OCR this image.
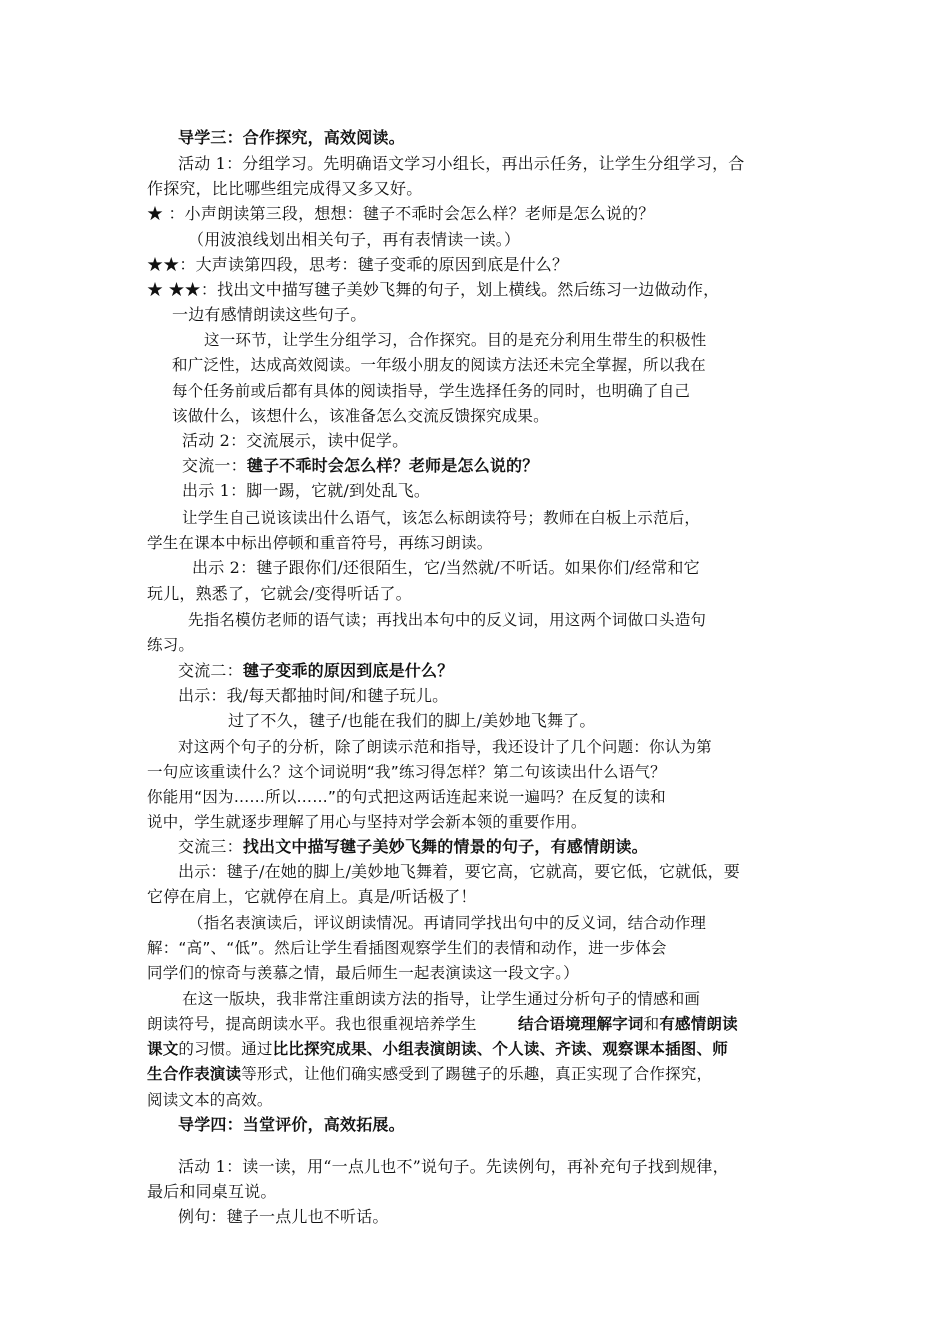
导学三：合作探究，高效阅读。
活动 1：分组学习。先明确语文学习小组长，再出示任务，让学生分组学习，合
作探究，比比哪些组完成得又多又好。
★ ：小声朗读第三段，想想：毽子不乖时会怎么样？老师是怎么说的？
（用波浪线划出相关句子，再有表情读一读。）
★★：大声读第四段，思考：毽子变乖的原因到底是什么？
★ ★★：找出文中描写毽子美妙飞舞的句子，划上横线。然后练习一边做动作，
一边有感情朗读这些句子。
这一环节，让学生分组学习，合作探究。目的是充分利用生带生的积极性
和广泛性，达成高效阅读。一年级小朋友的阅读方法还未完全掌握，所以我在
每个任务前或后都有具体的阅读指导，学生选择任务的同时，也明确了自己
该做什么，该想什么，该准备怎么交流反馈探究成果。
活动 2：交流展示，读中促学。
交流一：毽子不乖时会怎么样？老师是怎么说的？
出示 1：脚一踢，它就/到处乱飞。
让学生自己说该读出什么语气，该怎么标朗读符号；教师在白板上示范后，
学生在课本中标出停顿和重音符号，再练习朗读。
出示 2：毽子跟你们/还很陌生，它/当然就/不听话。如果你们/经常和它
玩儿，熟悉了，它就会/变得听话了。
先指名模仿老师的语气读；再找出本句中的反义词，用这两个词做口头造句
练习。
交流二：毽子变乖的原因到底是什么？
出示：我/每天都抽时间/和毽子玩儿。
过了不久，毽子/也能在我们的脚上/美妙地飞舞了。
对这两个句子的分析，除了朗读示范和指导，我还设计了几个问题：你认为第
一句应该重读什么？这个词说明“我”练习得怎样？第二句该读出什么语气？
你能用“因为……所以……”的句式把这两话连起来说一遍吗？在反复的读和
说中，学生就逐步理解了用心与坚持对学会新本领的重要作用。
交流三：找出文中描写毽子美妙飞舞的情景的句子，有感情朗读。
出示：毽子/在她的脚上/美妙地飞舞着，要它高，它就高，要它低，它就低，要
它停在肩上，它就停在肩上。真是/听话极了！
（指名表演读后，评议朗读情况。再请同学找出句中的反义词，结合动作理
解：“高”、“低”。然后让学生看插图观察学生们的表情和动作，进一步体会
同学们的惊奇与羡慕之情，最后师生一起表演读这一段文字。）
在这一版块，我非常注重朗读方法的指导，让学生通过分析句子的情感和画
朗读符号，提高朗读水平。我也很重视培养学生	结合语境理解字词和有感情朗读
课文的习惯。通过比比探究成果、小组表演朗读、个人读、齐读、观察课本插图、师
生合作表演读等形式，让他们确实感受到了踢毽子的乐趣，真正实现了合作探究，
阅读文本的高效。
导学四：当堂评价，高效拓展。
活动 1：读一读，用“一点儿也不”说句子。先读例句，再补充句子找到规律，
最后和同桌互说。
例句：毽子一点儿也不听话。
